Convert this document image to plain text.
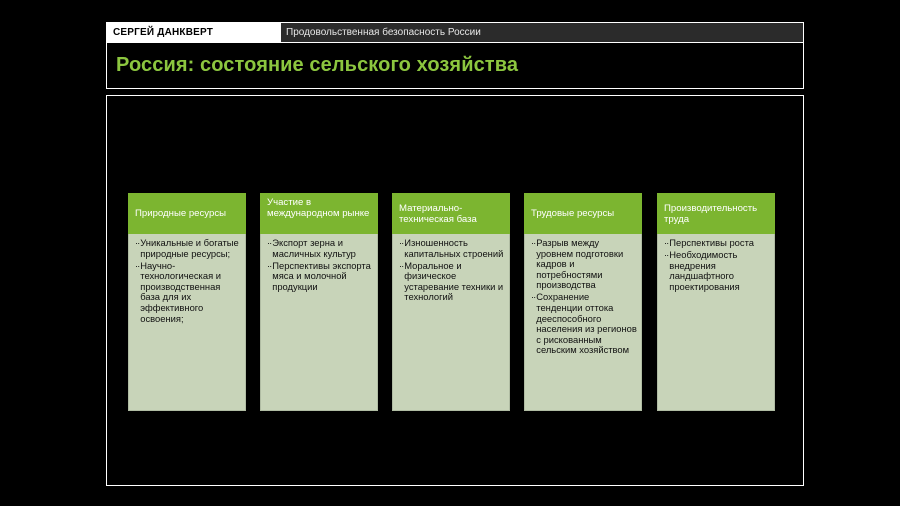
СЕРГЕЙ ДАНКВЕРТ	Продовольственная безопасность России
Россия: состояние сельского хозяйства
Природные ресурсы
·· Уникальные и богатые природные ресурсы;
·· Научно-технологическая и производственная база для их эффективного освоения;
Участие в международном рынке
·· Экспорт зерна и масличных культур
·· Перспективы экспорта мяса и молочной продукции
Материально-техническая база
·· Изношенность капитальных строений
·· Моральное и физическое устаревание техники и технологий
Трудовые ресурсы
·· Разрыв между уровнем подготовки кадров и потребностями производства
·· Сохранение тенденции оттока дееспособного населения из регионов с рискованным сельским хозяйством
Производительность труда
·· Перспективы роста
·· Необходимость внедрения ландшафтного проектирования
